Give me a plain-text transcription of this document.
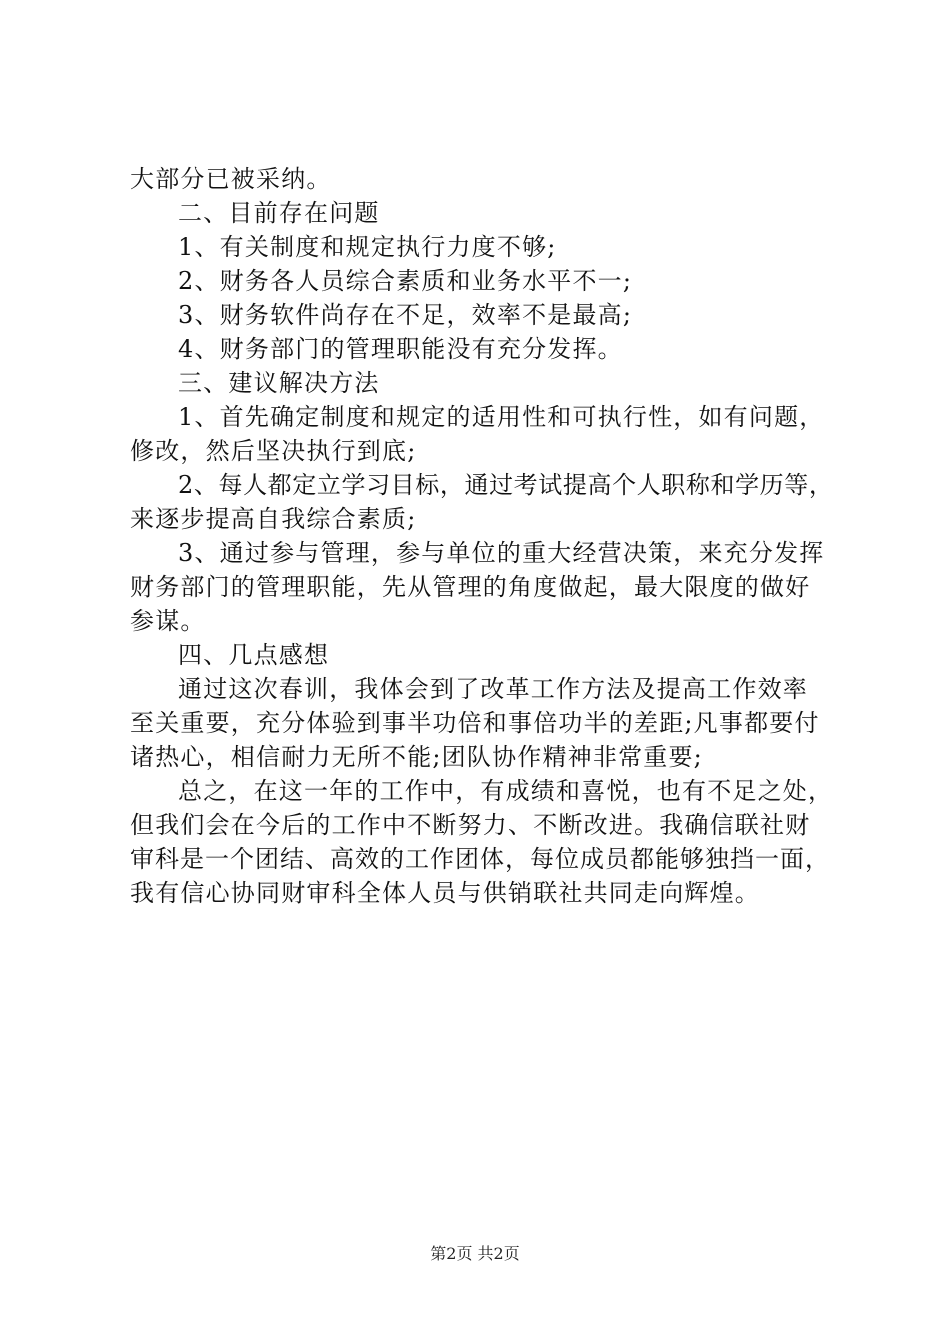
大部分已被采纳。
二、目前存在问题
1、有关制度和规定执行力度不够;
2、财务各人员综合素质和业务水平不一;
3、财务软件尚存在不足，效率不是最高;
4、财务部门的管理职能没有充分发挥。
三、建议解决方法
1、首先确定制度和规定的适用性和可执行性，如有问题，
修改，然后坚决执行到底;
2、每人都定立学习目标，通过考试提高个人职称和学历等，
来逐步提高自我综合素质;
3、通过参与管理，参与单位的重大经营决策，来充分发挥
财务部门的管理职能，先从管理的角度做起，最大限度的做好
参谋。
四、几点感想
通过这次春训，我体会到了改革工作方法及提高工作效率
至关重要，充分体验到事半功倍和事倍功半的差距;凡事都要付
诸热心，相信耐力无所不能;团队协作精神非常重要;
总之，在这一年的工作中，有成绩和喜悦，也有不足之处，
但我们会在今后的工作中不断努力、不断改进。我确信联社财
审科是一个团结、高效的工作团体，每位成员都能够独挡一面，
我有信心协同财审科全体人员与供销联社共同走向辉煌。
第2页 共2页
